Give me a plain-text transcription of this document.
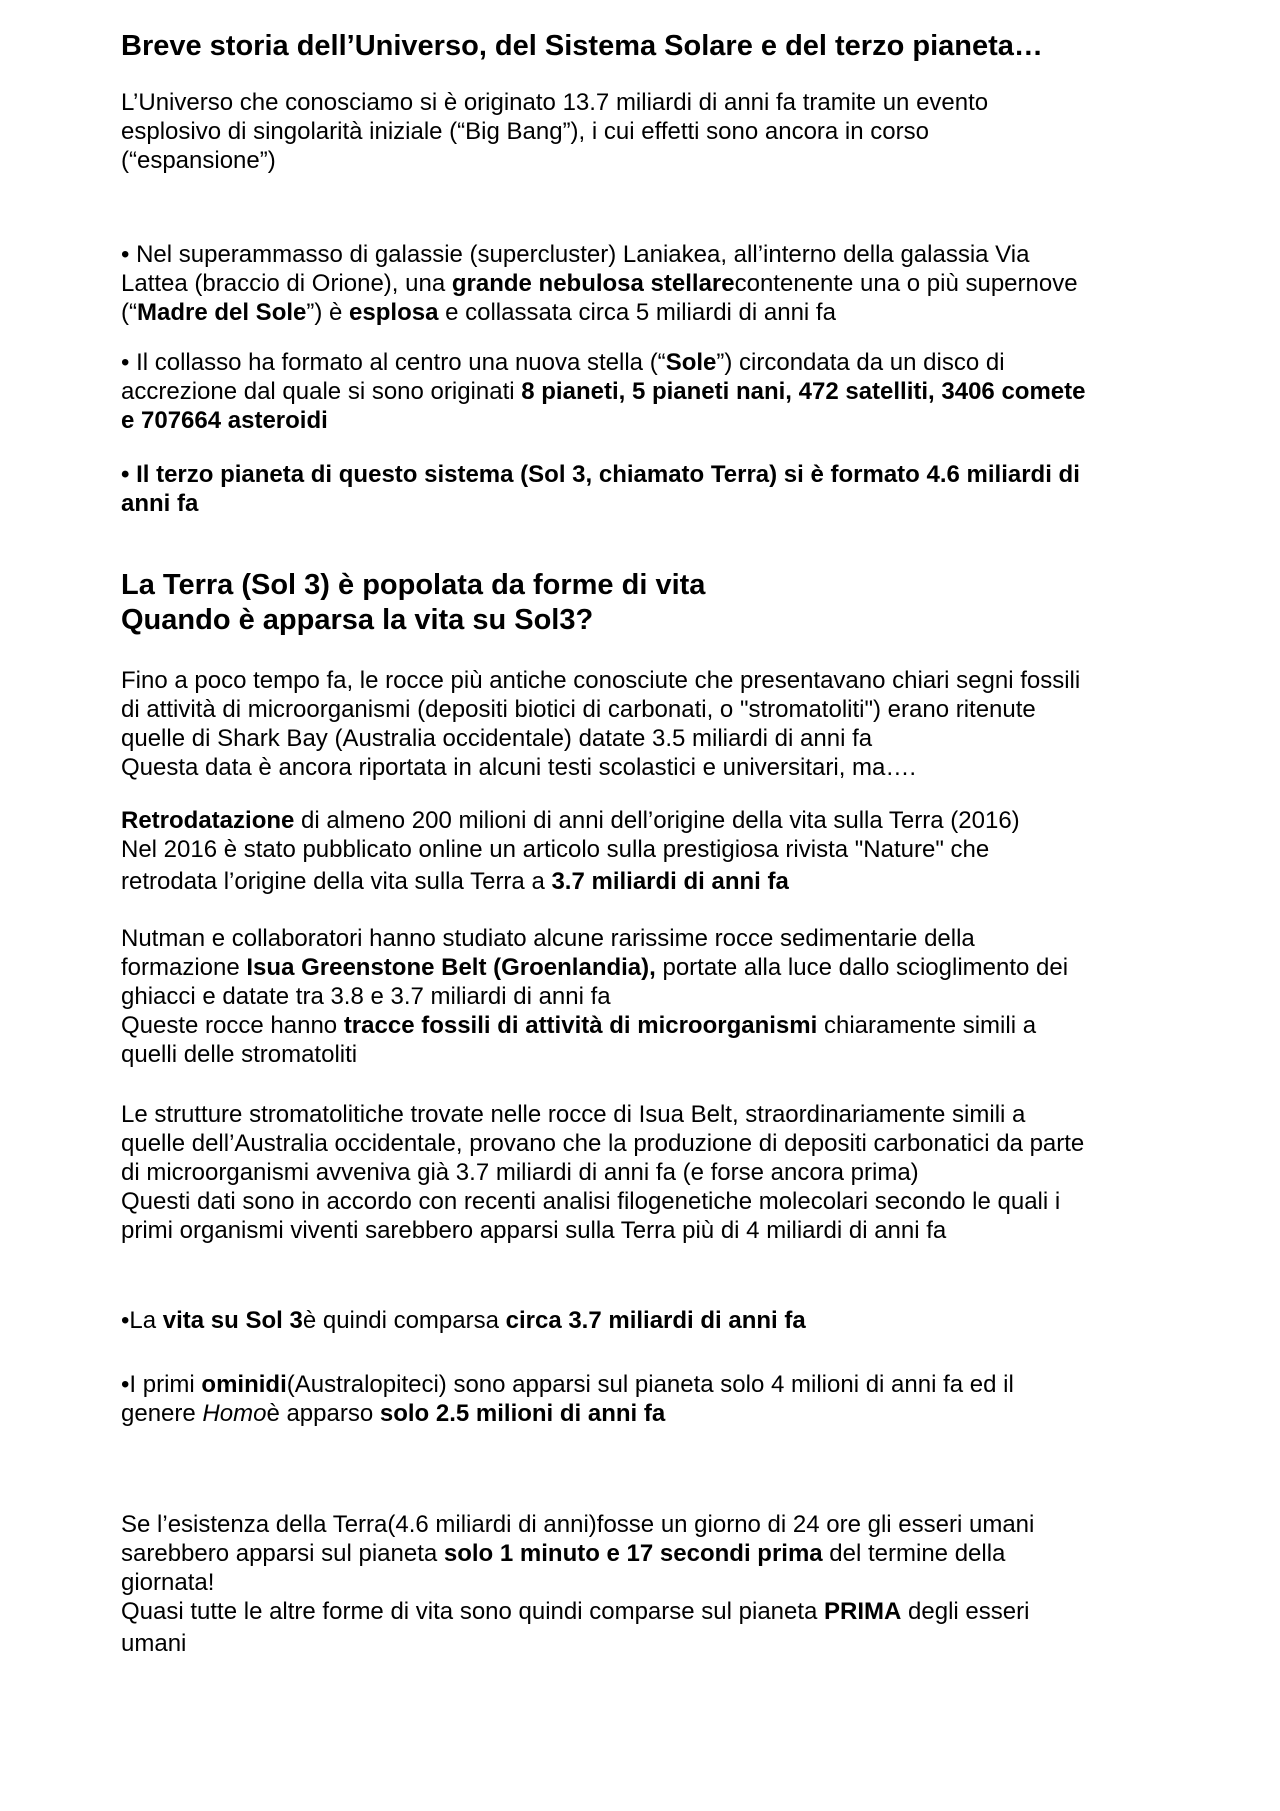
Breve storia dell’Universo, del Sistema Solare e del terzo pianeta…

L’Universo che conosciamo si è originato 13.7 miliardi di anni fa tramite un evento
esplosivo di singolarità iniziale (“Big Bang”), i cui effetti sono ancora in corso
(“espansione”)

• Nel superammasso di galassie (supercluster) Laniakea, all’interno della galassia Via
Lattea (braccio di Orione), una grande nebulosa stellarecontenente una o più supernove
(“Madre del Sole”) è esplosa e collassata circa 5 miliardi di anni fa

• Il collasso ha formato al centro una nuova stella (“Sole”) circondata da un disco di
accrezione dal quale si sono originati 8 pianeti, 5 pianeti nani, 472 satelliti, 3406 comete
e 707664 asteroidi

• Il terzo pianeta di questo sistema (Sol 3, chiamato Terra) si è formato 4.6 miliardi di
anni fa

La Terra (Sol 3) è popolata da forme di vita
Quando è apparsa la vita su Sol3?

Fino a poco tempo fa, le rocce più antiche conosciute che presentavano chiari segni fossili
di attività di microorganismi (depositi biotici di carbonati, o "stromatoliti") erano ritenute
quelle di Shark Bay (Australia occidentale) datate 3.5 miliardi di anni fa
Questa data è ancora riportata in alcuni testi scolastici e universitari, ma….

Retrodatazione di almeno 200 milioni di anni dell’origine della vita sulla Terra (2016)
Nel 2016 è stato pubblicato online un articolo sulla prestigiosa rivista "Nature" che
retrodata l’origine della vita sulla Terra a 3.7 miliardi di anni fa

Nutman e collaboratori hanno studiato alcune rarissime rocce sedimentarie della
formazione Isua Greenstone Belt (Groenlandia), portate alla luce dallo scioglimento dei
ghiacci e datate tra 3.8 e 3.7 miliardi di anni fa
Queste rocce hanno tracce fossili di attività di microorganismi chiaramente simili a
quelli delle stromatoliti

Le strutture stromatolitiche trovate nelle rocce di Isua Belt, straordinariamente simili a
quelle dell’Australia occidentale, provano che la produzione di depositi carbonatici da parte
di microorganismi avveniva già 3.7 miliardi di anni fa (e forse ancora prima)
Questi dati sono in accordo con recenti analisi filogenetiche molecolari secondo le quali i
primi organismi viventi sarebbero apparsi sulla Terra più di 4 miliardi di anni fa

•La vita su Sol 3è quindi comparsa circa 3.7 miliardi di anni fa

•I primi ominidi(Australopiteci) sono apparsi sul pianeta solo 4 milioni di anni fa ed il
genere Homoè apparso solo 2.5 milioni di anni fa

Se l’esistenza della Terra(4.6 miliardi di anni)fosse un giorno di 24 ore gli esseri umani
sarebbero apparsi sul pianeta solo 1 minuto e 17 secondi prima del termine della
giornata!
Quasi tutte le altre forme di vita sono quindi comparse sul pianeta PRIMA degli esseri
umani
